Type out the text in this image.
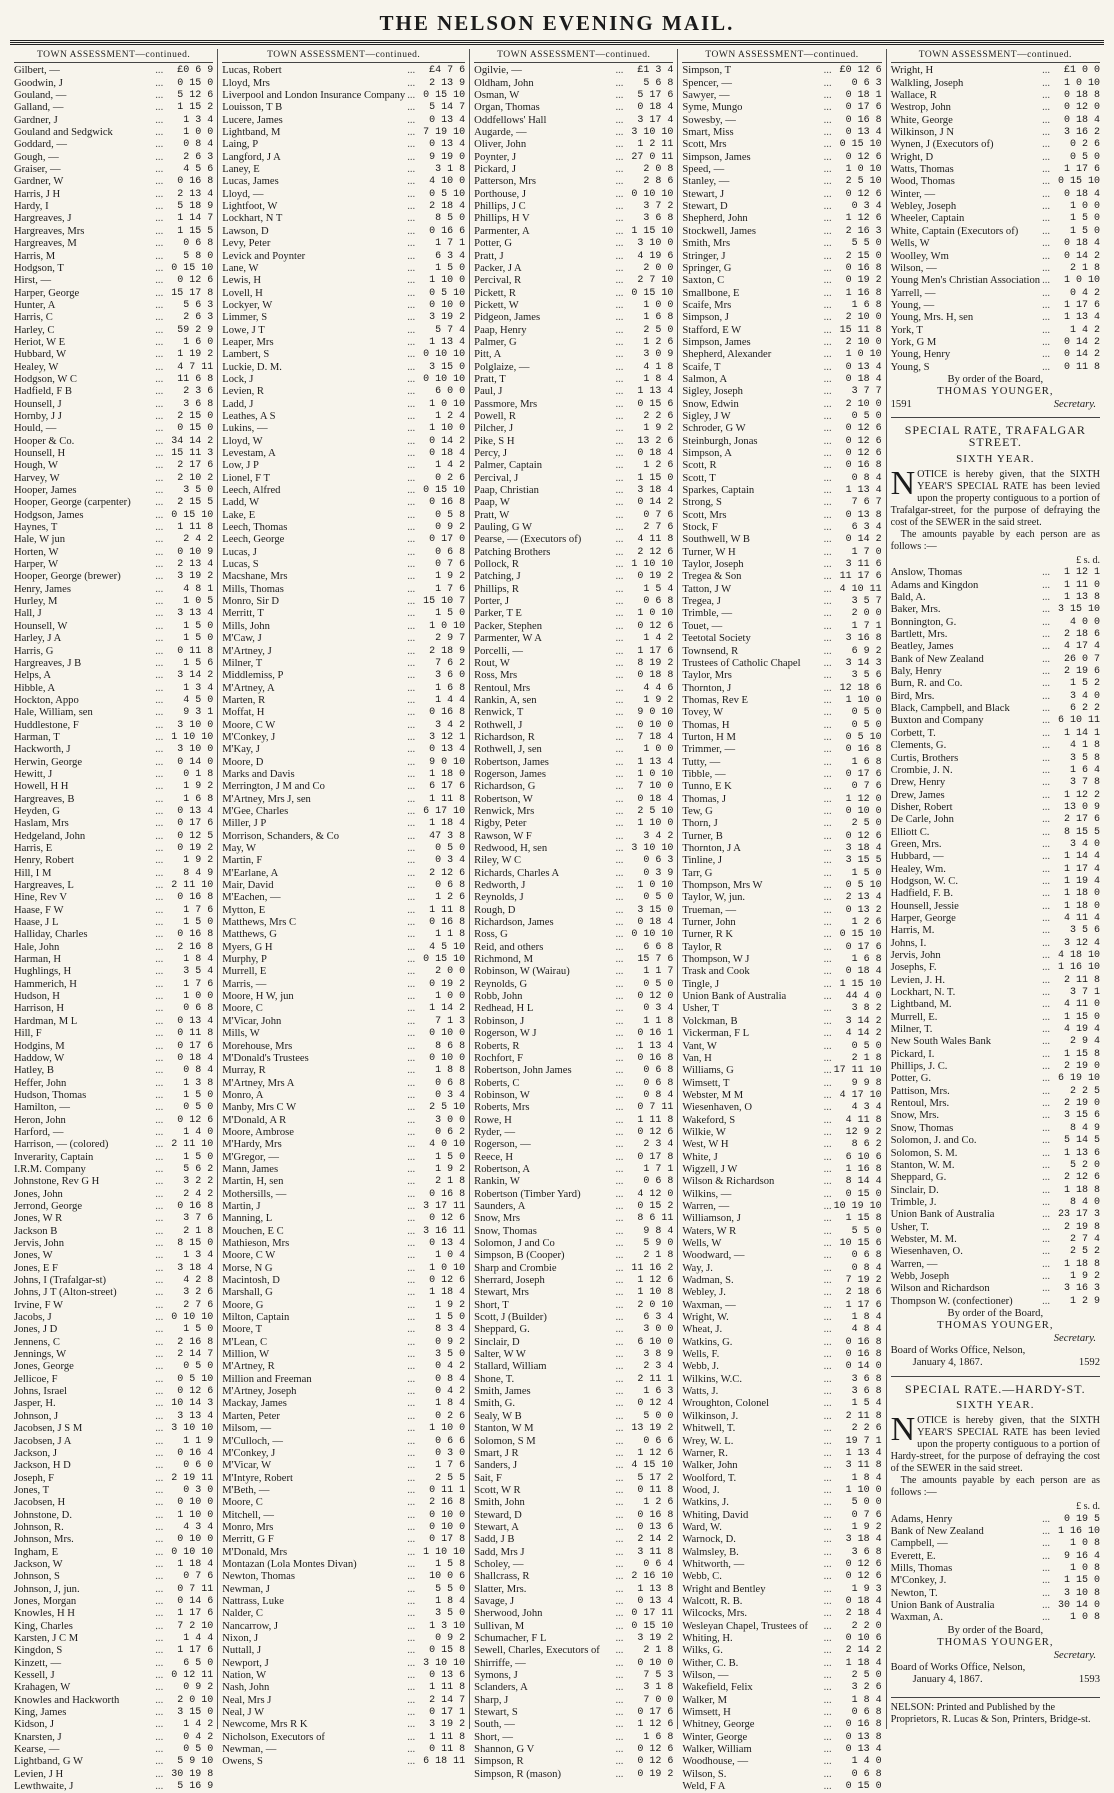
THE NELSON EVENING MAIL.
TOWN ASSESSMENT—continued.
Gilbert, —	...	£0 6 9
Goodwin, J	...	0 15 0
Gouland, —	...	5 12 6
Galland, —	...	1 15 2
Gardner, J	...	1 3 4
Gouland and Sedgwick	...	1 0 0
Goddard, —	...	0 8 4
Gough, —	...	2 6 3
Graiser, —	...	4 5 6
Gardner, W	...	0 16 8
Harris, J H	...	2 13 4
Hardy, I	...	5 18 9
Hargreaves, J	...	1 14 7
Hargreaves, Mrs	...	1 15 5
Hargreaves, M	...	0 6 8
Harris, M	...	5 8 0
Hodgson, T	... 0 15 10
Hirst, —	...	0 12 6
Harper, George	... 15 17 8
Hunter, A	...	5 6 3
Harris, C	...	2 6 3
Harley, C	...	59 2 9
Heriot, W E	...	1 6 0
Hubbard, W	...	1 19 2
Healey, W	...	4 7 11
Hodgson, W C	...	11 6 8
Hadfield, F B	...	2 3 6
Hounsell, J	...	3 6 8
Hornby, J J	...	2 15 0
Hould, —	...	0 15 0
Hooper & Co.	... 34 14 2
Hounsell, H	... 15 11 3
Hough, W	...	2 17 6
Harvey, W	...	2 10 2
Hooper, James	...	3 5 0
Hooper, George (carpenter)	...	2 15 5
Hodgson, James	... 0 15 10
Haynes, T	...	1 11 8
Hale, W jun	...	2 4 2
Horten, W	...	0 10 9
Harper, W	...	2 13 4
Hooper, George (brewer)	...	3 19 2
Henry, James	...	4 8 1
Hurley, M	...	1 0 5
Hall, J	...	3 13 4
Hounsell, W	...	1 5 0
Harley, J A	...	1 5 0
Harris, G	...	0 11 8
Hargreaves, J B	...	1 5 6
Helps, A	...	3 14 2
Hibble, A	...	1 3 4
Hockton, Appo	...	4 5 0
Hale, William, sen	...	9 3 1
Huddlestone, F	...	3 10 0
Harman, T	... 1 10 10
Hackworth, J	...	3 10 0
Herwin, George	...	0 14 0
Hewitt, J	...	0 1 8
Howell, H H	...	1 9 2
Hargreaves, B	...	1 6 8
Heyden, G	...	0 13 4
Haslam, Mrs	...	0 17 6
Hedgeland, John	...	0 12 5
Harris, E	...	0 19 2
Henry, Robert	...	1 9 2
Hill, I M	...	8 4 9
Hargreaves, L	... 2 11 10
Hine, Rev V	...	0 16 8
Haase, F W	...	1 7 6
Haase, J L	...	1 5 0
Halliday, Charles	...	0 16 8
Hale, John	...	2 16 8
Harman, H	...	1 8 4
Hughlings, H	...	3 5 4
Hammerich, H	...	1 7 6
Hudson, H	...	1 0 0
Harrison, H	...	0 6 8
Hardman, M L	...	0 13 4
Hill, F	...	0 11 8
Hodgins, M	...	0 17 6
Haddow, W	...	0 18 4
Hatley, B	...	0 8 4
Heffer, John	...	1 3 8
Hudson, Thomas	...	1 5 0
Hamilton, —	...	0 5 0
Heron, John	...	0 12 6
Harford, —	...	1 4 0
Harrison, — (colored)	... 2 11 10
Inverarity, Captain	...	1 5 0
I.R.M. Company	...	5 6 2
Johnstone, Rev G H	...	3 2 2
Jones, John	...	2 4 2
Jerrond, George	...	0 16 8
Jones, W R	...	3 7 6
Jackson B	...	2 1 8
Jervis, John	...	8 15 0
Jones, W	...	1 3 4
Jones, E F	...	3 18 4
Johns, I (Trafalgar-st)	...	4 2 8
Johns, J T (Alton-street)	...	3 2 6
Irvine, F W	...	2 7 6
Jacobs, J	... 0 10 10
Jones, J D	...	1 5 0
Jennens, C	...	2 16 8
Jennings, W	...	2 14 7
Jones, George	...	0 5 0
Jellicoe, F	...	0 5 10
Johns, Israel	...	0 12 6
Jasper, H.	... 10 14 3
Johnson, J	...	3 13 4
Jacobsen, J S M	... 3 10 10
Jacobsen, J A	...	1 1 9
Jackson, J	...	0 16 4
Jackson, H D	...	0 6 0
Joseph, F	... 2 19 11
Jones, T	...	0 3 0
Jacobsen, H	...	0 10 0
Johnstone, D.	...	1 10 0
Johnson, R.	...	4 3 4
Johnson, Mrs.	...	0 10 0
Ingham, E	... 0 10 10
Jackson, W	...	1 18 4
Johnson, S	...	0 7 6
Johnson, J, jun.	...	0 7 11
Jones, Morgan	...	0 14 6
Knowles, H H	...	1 17 6
King, Charles	...	7 2 10
Karsten, J C M	...	1 4 4
Kingdon, S	...	1 17 6
Kinzett, —	...	6 5 0
Kessell, J	... 0 12 11
Krahagen, W	...	0 9 2
Knowles and Hackworth	...	2 0 10
King, James	...	3 15 0
Kidson, J	...	1 4 2
Knarsten, J	...	0 4 2
Kearse, —	...	0 5 0
Lightband, G W	...	5 9 10
Levien, J H	... 30 19 8
Lewthwaite, J	...	5 16 9
TOWN ASSESSMENT—continued.
Lucas, Robert	...	£4 7 6
Lloyd, Mrs	...	2 13 9
Liverpool and London Insurance Company ... 0 15 10
Louisson, T B	...	5 14 7
Lucere, James	...	0 13 4
Lightband, M	... 7 19 10
Laing, P	...	0 13 4
Langford, J A	...	9 19 0
Laney, E	...	3 1 8
Lucas, James	...	4 10 0
Lloyd, —	...	0 5 10
Lightfoot, W	...	2 18 4
Lockhart, N T	...	8 5 0
Lawson, D	...	0 16 6
Levy, Peter	...	1 7 1
Levick and Poynter	...	6 3 4
Lane, W	...	1 5 0
Lewis, H	...	1 10 0
Lovell, H	...	0 5 10
Lockyer, W	...	0 10 0
Limmer, S	...	3 19 2
Lowe, J T	...	5 7 4
Leaper, Mrs	...	1 13 4
Lambert, S	... 0 10 10
Luckie, D. M.	...	3 15 0
Lock, J	... 0 10 10
Levien, R	...	6 0 0
Ladd, J	...	1 0 10
Leathes, A S	...	1 2 4
Lukins, —	...	1 10 0
Lloyd, W	...	0 14 2
Levestam, A	...	0 18 4
Low, J P	...	1 4 2
Lionel, F T	...	0 2 6
Leech, Alfred	... 0 15 10
Ladd, W	...	0 16 8
Lake, E	...	0 5 8
Leech, Thomas	...	0 9 2
Leech, George	...	0 17 0
Lucas, J	...	0 6 8
Lucas, S	...	0 7 6
Macshane, Mrs	...	1 9 2
Mills, Thomas	...	1 7 6
Monro, Sir D	... 15 10 7
Merritt, T	...	1 5 0
Mills, John	...	1 0 10
M'Caw, J	...	2 9 7
M'Artney, J	...	2 18 9
Milner, T	...	7 6 2
Middlemiss, P	...	3 6 0
M'Artney, A	...	1 6 8
Marten, R	...	1 4 4
Moffat, H	...	0 16 8
Moore, C W	...	3 4 2
M'Conkey, J	...	3 12 1
M'Kay, J	...	0 13 4
Moore, D	...	9 0 10
Marks and Davis	...	1 18 0
Merrington, J M and Co	...	6 17 6
M'Artney, Mrs J, sen	...	1 11 8
M'Gee, Charles	... 6 17 10
Miller, J P	...	1 18 4
Morrison, Schanders, & Co	...	47 3 8
May, W	...	0 5 0
Martin, F	...	0 3 4
M'Earlane, A	...	2 12 6
Mair, David	...	0 6 8
M'Eachen, —	...	1 2 6
Mytton, E	...	1 11 8
Matthews, Mrs C	...	0 16 8
Matthews, G	...	1 1 8
Myers, G H	...	4 5 10
Murphy, P	... 0 15 10
Murrell, E	...	2 0 0
Marris, —	...	0 19 2
Moore, H W, jun	...	1 0 0
Moore, C	...	1 14 2
M'Vicar, John	...	7 1 3
Mills, W	...	0 10 0
Morehouse, Mrs	...	8 6 8
M'Donald's Trustees	...	0 10 0
Murray, R	...	1 8 8
M'Artney, Mrs A	...	0 6 8
Monro, A	...	0 3 4
Manby, Mrs C W	...	2 5 10
M'Donald, A R	...	3 0 0
Moore, Ambrose	...	0 6 2
M'Hardy, Mrs	...	4 0 10
M'Gregor, —	...	1 5 0
Mann, James	...	1 9 2
Martin, H, sen	...	2 1 8
Mothersills, —	...	0 16 8
Martin, J	... 3 17 11
Manning, L	...	0 12 6
Mouchen, E C	... 3 16 11
Mathieson, Mrs	...	0 13 4
Moore, C W	...	1 0 4
Morse, N G	...	1 0 10
Macintosh, D	...	0 12 6
Marshall, G	...	1 18 4
Moore, G	...	1 9 2
Milton, Captain	...	1 5 0
Moore, T	...	8 3 4
M'Lean, C	...	0 9 2
Million, W	...	3 5 0
M'Artney, R	...	0 4 2
Million and Freeman	...	0 8 4
M'Artney, Joseph	...	0 4 2
Mackay, James	...	1 8 4
Marten, Peter	...	0 2 6
Milsom, —	...	1 10 0
M'Culloch, —	...	0 6 6
M'Conkey, J	...	0 3 0
M'Vicar, W	...	1 7 6
M'Intyre, Robert	...	2 5 5
M'Beth, —	...	0 11 1
Moore, C	...	2 16 8
Mitchell, —	...	0 10 0
Monro, Mrs	...	0 10 0
Merritt, G F	...	0 17 8
M'Donald, Mrs	... 1 10 10
Montazan (Lola Montes Divan)	...	1 5 8
Newton, Thomas	...	10 0 6
Newman, J	...	5 5 0
Nattrass, Luke	...	1 8 4
Nalder, C	...	3 5 0
Nancarrow, J	...	1 3 10
Nixon, J	...	0 9 2
Nuttall, J	...	0 15 8
Newport, J	... 3 10 10
Nation, W	...	0 13 6
Nash, John	...	1 11 8
Neal, Mrs J	...	2 14 7
Neal, J W	...	0 17 1
Newcome, Mrs R K	...	3 19 2
Nicholson, Executors of	...	1 11 8
Newman, —	...	0 11 8
Owens, S	... 6 18 11
TOWN ASSESSMENT—continued.
Ogilvie, —	...	£1 3 4
Oldham, John	...	5 6 8
Osman, W	...	5 17 6
Organ, Thomas	...	0 18 4
Oddfellows' Hall	...	3 17 4
Augarde, —	... 3 10 10
Oliver, John	...	1 2 11
Poynter, J	... 27 0 11
Pickard, J	...	2 0 8
Patterson, Mrs	...	2 8 6
Porthouse, J	... 0 10 10
Phillips, J C	...	3 7 2
Phillips, H V	...	3 6 8
Parmenter, A	... 1 15 10
Potter, G	...	3 10 0
Pratt, J	...	4 19 6
Packer, J A	...	2 0 0
Percival, R	...	2 7 10
Pickett, R	... 0 15 10
Pickett, W	...	1 0 0
Pidgeon, James	...	1 6 8
Paap, Henry	...	2 5 0
Palmer, G	...	1 2 6
Pitt, A	...	3 0 9
Polglaize, —	...	4 1 8
Pratt, T	...	1 8 4
Paul, J	...	1 13 4
Passmore, Mrs	...	0 15 6
Powell, R	...	2 2 6
Pilcher, J	...	1 9 2
Pike, S H	...	13 2 6
Percy, J	...	0 18 4
Palmer, Captain	...	1 2 6
Percival, J	...	1 15 0
Paap, Christian	...	3 18 4
Paap, W	...	0 14 2
Pratt, W	...	0 7 6
Pauling, G W	...	2 7 6
Pearse, — (Executors of)	...	4 11 8
Patching Brothers	...	2 12 6
Pollock, R	... 1 10 10
Patching, J	...	0 19 2
Phillips, R	...	1 5 4
Porter, J	...	0 6 8
Parker, T E	...	1 0 10
Packer, Stephen	...	0 12 6
Parmenter, W A	...	1 4 2
Porcelli, —	...	1 17 6
Rout, W	...	8 19 2
Ross, Mrs	...	0 18 8
Rentoul, Mrs	...	4 4 6
Rankin, A, sen	...	1 9 2
Renwick, T	...	9 0 10
Rothwell, J	...	0 10 0
Richardson, R	...	7 18 4
Rothwell, J, sen	...	1 0 0
Robertson, James	...	1 13 4
Rogerson, James	...	1 0 10
Richardson, G	...	7 10 0
Robertson, W	...	0 18 4
Renwick, Mrs	...	2 5 10
Rigby, Peter	...	1 10 0
Rawson, W F	...	3 4 2
Redwood, H, sen	... 3 10 10
Riley, W C	...	0 6 3
Richards, Charles A	...	0 3 9
Redworth, J	...	1 0 10
Reynolds, J	...	0 5 0
Rough, D	...	3 15 0
Richardson, James	...	0 18 4
Ross, G	... 0 10 10
Reid, and others	...	6 6 8
Richmond, M	...	15 7 6
Robinson, W (Wairau)	...	1 1 7
Reynolds, G	...	0 5 0
Robb, John	...	0 12 0
Redhead, H L	...	0 3 4
Robinson, J	...	1 1 8
Rogerson, W J	...	0 16 1
Roberts, R	...	1 13 4
Rochfort, F	...	0 16 8
Robertson, John James	...	0 6 8
Roberts, C	...	0 6 8
Robinson, W	...	0 8 4
Roberts, Mrs	...	0 7 11
Rowe, H	...	1 11 8
Ryder, —	...	0 12 6
Rogerson, —	...	2 3 4
Reece, H	...	0 17 8
Robertson, A	...	1 7 1
Rankin, W	...	0 6 8
Robertson (Timber Yard)	...	4 12 0
Saunders, A	...	0 15 2
Snow, Mrs	...	8 6 11
Snow, Thomas	...	9 8 4
Solomon, J and Co	...	5 9 0
Simpson, B (Cooper)	...	2 1 8
Sharp and Crombie	... 11 16 2
Sherrard, Joseph	...	1 12 6
Stewart, Mrs	...	1 10 8
Short, T	...	2 0 10
Scott, J (Builder)	...	6 3 4
Sheppard, G.	...	3 0 0
Sinclair, D	...	6 10 0
Salter, W W	...	3 8 9
Stallard, William	...	2 3 4
Shone, T.	...	2 11 1
Smith, James	...	1 6 3
Smith, G.	...	0 12 4
Sealy, W B	...	5 0 0
Stanton, W M	... 13 19 2
Solomon, S M	...	0 6 6
Smart, J R	...	1 12 6
Sanders, J	... 4 15 10
Sait, F	...	5 17 2
Scott, W R	...	0 11 8
Smith, John	...	1 2 6
Steward, D	...	0 16 8
Stewart, A	...	0 13 6
Sadd, J B	...	2 14 2
Sadd, Mrs J	...	3 11 8
Scholey, —	...	0 6 4
Shallcrass, R	... 2 16 10
Slatter, Mrs.	...	1 13 8
Savage, J	...	0 13 4
Sherwood, John	... 0 17 11
Sullivan, M	... 0 15 10
Schumacher, F L	...	3 19 2
Sewell, Charles, Executors of	...	2 1 8
Shirriffe, —	...	0 10 0
Symons, J	...	7 5 3
Sclanders, A	...	3 1 8
Sharp, J	...	7 0 0
Stewart, S	...	0 17 6
South, —	...	1 12 6
Short, —	...	1 6 8
Shannon, G V	...	0 12 6
Simpson, R	...	0 12 6
Simpson, R (mason)	...	0 19 2
TOWN ASSESSMENT—continued.
Simpson, T	... £0 12 6
Spencer, —	...	0 6 3
Sawyer, —	...	0 18 1
Syme, Mungo	...	0 17 6
Sowesby, —	...	0 16 8
Smart, Miss	...	0 13 4
Scott, Mrs	... 0 15 10
Simpson, James	...	0 12 6
Speed, —	...	1 0 10
Stanley, —	...	2 5 10
Stewart, J	...	0 12 6
Stewart, D	...	0 3 4
Shepherd, John	...	1 12 6
Stockwell, James	...	2 16 3
Smith, Mrs	...	5 5 0
Stringer, J	...	2 15 0
Springer, G	...	0 16 8
Saxton, C	...	0 19 2
Smallbone, E	...	1 16 8
Scaife, Mrs	...	1 6 8
Simpson, J	...	2 10 0
Stafford, E W	... 15 11 8
Simpson, James	...	2 10 0
Shepherd, Alexander	...	1 0 10
Scaife, T	...	0 13 4
Salmon, A	...	0 18 4
Sigley, Joseph	...	3 7 7
Snow, Edwin	...	2 10 0
Sigley, J W	...	0 5 0
Schroder, G W	...	0 12 6
Steinburgh, Jonas	...	0 12 6
Simpson, A	...	0 12 6
Scott, R	...	0 16 8
Scott, T	...	0 8 4
Sparkes, Captain	...	1 13 4
Strong, S	...	7 6 7
Scott, Mrs	...	0 13 8
Stock, F	...	6 3 4
Southwell, W B	...	0 14 2
Turner, W H	...	1 7 0
Taylor, Joseph	...	3 11 6
Tregea & Son	... 11 17 6
Tatton, J W	... 4 10 11
Tregea, J	...	3 5 7
Trimble, —	...	2 0 0
Touet, —	...	1 7 1
Teetotal Society	...	3 16 8
Townsend, R	...	6 9 2
Trustees of Catholic Chapel	...	3 14 3
Taylor, Mrs	...	3 5 6
Thornton, J	... 12 18 6
Thomas, Rev E	...	1 10 0
Tovey, W	...	0 5 0
Thomas, H	...	0 5 0
Turton, H M	...	0 5 10
Trimmer, —	...	0 16 8
Tutty, —	...	1 6 8
Tibble, —	...	0 17 6
Tunno, E K	...	0 7 6
Thomas, J	...	1 12 0
Tew, G	...	0 10 0
Thorn, J	...	2 5 0
Turner, B	...	0 12 6
Thornton, J A	...	3 18 4
Tinline, J	...	3 15 5
Tarr, G	...	1 5 0
Thompson, Mrs W	...	0 5 10
Taylor, W, jun.	...	2 13 4
Trueman, —	...	0 13 2
Turner, John	...	1 2 6
Turner, R K	... 0 15 10
Taylor, R	...	0 17 6
Thompson, W J	...	1 6 8
Trask and Cook	...	0 18 4
Tingle, J	... 1 15 10
Union Bank of Australia	...	44 4 0
Usher, T	...	3 8 2
Volckman, B	...	3 14 2
Vickerman, F L	...	4 14 2
Vant, W	...	0 5 0
Van, H	...	2 1 8
Williams, G	... 17 11 10
Wimsett, T	...	9 9 8
Webster, M M	... 4 17 10
Wiesenhaven, O	...	4 3 4
Wakeford, S	...	4 11 8
Wilkie, W	...	12 9 2
West, W H	...	8 6 2
White, J	...	6 10 6
Wigzell, J W	...	1 16 8
Wilson & Richardson	...	8 14 4
Wilkins, —	...	0 15 0
Warren, —	... 10 19 10
Williamson, J	...	1 15 8
Waters, W R	...	5 5 0
Wells, W	... 10 15 6
Woodward, —	...	0 6 8
Way, J.	...	0 8 4
Wadman, S.	...	7 19 2
Webley, J.	...	2 18 6
Waxman, —	...	1 17 6
Wright, W.	...	1 8 4
Wheat, J.	...	4 8 4
Watkins, G.	...	0 16 8
Wells, F.	...	0 16 8
Webb, J.	...	0 14 0
Wilkins, W.C.	...	3 6 8
Watts, J.	...	3 6 8
Wroughton, Colonel	...	1 5 4
Wilkinson, J.	...	2 11 8
Whitwell, T.	...	2 2 6
Wrey, W. L.	...	19 7 1
Warner, R.	...	1 13 4
Walker, John	...	3 11 8
Woolford, T.	...	1 8 4
Wood, J.	...	1 10 0
Watkins, J.	...	5 0 0
Whiting, David	...	0 7 6
Ward, W.	...	1 9 2
Warnock, D.	...	3 18 4
Walmsley, B.	...	3 6 8
Whitworth, —	...	0 12 6
Webb, C.	...	0 12 6
Wright and Bentley	...	1 9 3
Walcott, R. B.	...	0 18 4
Wilcocks, Mrs.	...	2 18 4
Wesleyan Chapel, Trustees of	...	2 2 0
Whiting, H.	...	0 10 6
Wilks, G.	...	2 14 2
Wither, C. B.	...	1 18 4
Wilson, —	...	2 5 0
Wakefield, Felix	...	3 2 6
Walker, M	...	1 8 4
Wimsett, H	...	0 6 8
Whitney, George	...	0 16 8
Winter, George	...	0 13 8
Walker, William	...	0 13 4
Woodhouse, —	...	1 4 0
Wilson, S.	...	0 6 8
Weld, F A	...	0 15 0
TOWN ASSESSMENT—continued.
Wright, H	...	£1 0 0
Walkling, Joseph	...	1 0 10
Wallace, R	...	0 18 8
Westrop, John	...	0 12 0
White, George	...	0 18 4
Wilkinson, J N	...	3 16 2
Wynen, J (Executors of)	...	0 2 6
Wright, D	...	0 5 0
Watts, Thomas	...	1 17 6
Wood, Thomas	... 0 15 10
Winter, —	...	0 18 4
Webley, Joseph	...	1 0 0
Wheeler, Captain	...	1 5 0
White, Captain (Executors of)	...	1 5 0
Wells, W	...	0 18 4
Woolley, Wm	...	0 14 2
Wilson, —	...	2 1 8
Young Men's Christian Association ...	1 0 10
Yarrell, —	...	0 4 2
Young, —	...	1 17 6
Young, Mrs. H, sen	...	1 13 4
York, T	...	1 4 2
York, G M	...	0 14 2
Young, Henry	...	0 14 2
Young, S	...	0 11 8
By order of the Board,
THOMAS YOUNGER,
1591	Secretary.
SPECIAL RATE, TRAFALGAR STREET.
SIXTH YEAR.
N OTICE is hereby given, that the SIXTH YEAR'S SPECIAL RATE has been levied upon the property contiguous to a portion of Trafalgar-street, for the purpose of defraying the cost of the SEWER in the said street.
The amounts payable by each person are as follows :—
£ s. d.
Anslow, Thomas	...	1 12 1
Adams and Kingdon	...	1 11 0
Bald, A.	...	1 13 8
Baker, Mrs.	... 3 15 10
Bonnington, G.	...	4 0 0
Bartlett, Mrs.	...	2 18 6
Beatley, James	...	4 17 4
Bank of New Zealand	...	26 0 7
Baly, Henry	...	2 19 6
Burn, R. and Co.	...	1 5 2
Bird, Mrs.	...	3 4 0
Black, Campbell, and Black	...	6 2 2
Buxton and Company	... 6 10 11
Corbett, T.	...	1 14 1
Clements, G.	...	4 1 8
Curtis, Brothers	...	3 5 8
Crombie, J. N.	...	1 6 4
Drew, Henry	...	3 7 8
Drew, James	...	1 12 2
Disher, Robert	...	13 0 9
De Carle, John	...	2 17 6
Elliott C.	...	8 15 5
Green, Mrs.	...	3 4 0
Hubbard, —	...	1 14 4
Healey, Wm.	...	1 17 4
Hodgson, W. C.	...	1 19 4
Hadfield, F. B.	...	1 18 0
Hounsell, Jessie	...	1 18 0
Harper, George	...	4 11 4
Harris, M.	...	3 5 6
Johns, I.	...	3 12 4
Jervis, John	... 4 18 10
Josephs, F.	... 1 16 10
Levien, J. H.	...	2 11 8
Lockhart, N. T.	...	3 7 1
Lightband, M.	...	4 11 0
Murrell, E.	...	1 15 0
Milner, T.	...	4 19 4
New South Wales Bank	...	2 9 4
Pickard, I.	...	1 15 8
Phillips, J. C.	...	2 19 0
Potter, G.	... 6 19 10
Pattison, Mrs.	...	2 2 5
Rentoul, Mrs.	...	2 19 0
Snow, Mrs.	...	3 15 6
Snow, Thomas	...	8 4 9
Solomon, J. and Co.	...	5 14 5
Solomon, S. M.	...	1 13 6
Stanton, W. M.	...	5 2 0
Sheppard, G.	...	2 12 6
Sinclair, D.	...	1 18 8
Trimble, J.	...	8 4 0
Union Bank of Australia	... 23 17 3
Usher, T.	...	2 19 8
Webster, M. M.	...	2 7 4
Wiesenhaven, O.	...	2 5 2
Warren, —	...	1 18 8
Webb, Joseph	...	1 9 2
Wilson and Richardson	...	3 16 3
Thompson W. (confectioner)	...	1 2 9
By order of the Board,
THOMAS YOUNGER,
Secretary.
Board of Works Office, Nelson,
January 4, 1867.	1592
SPECIAL RATE.—HARDY-ST.
SIXTH YEAR.
N OTICE is hereby given, that the SIXTH YEAR'S SPECIAL RATE has been levied upon the property contiguous to a portion of Hardy-street, for the purpose of defraying the cost of the SEWER in the said street.
The amounts payable by each person are as follows :—
£ s. d.
Adams, Henry	...	0 19 5
Bank of New Zealand	... 1 16 10
Campbell, —	...	1 0 8
Everett, E.	...	9 16 4
Mills, Thomas	...	1 0 8
M'Conkey, J.	...	1 15 0
Newton, T.	...	3 10 8
Union Bank of Australia	... 30 14 0
Waxman, A.	...	1 0 8
By order of the Board,
THOMAS YOUNGER,
Secretary.
Board of Works Office, Nelson,
January 4, 1867.	1593
NELSON: Printed and Published by the Proprietors, R. Lucas & Son, Printers, Bridge-st.
